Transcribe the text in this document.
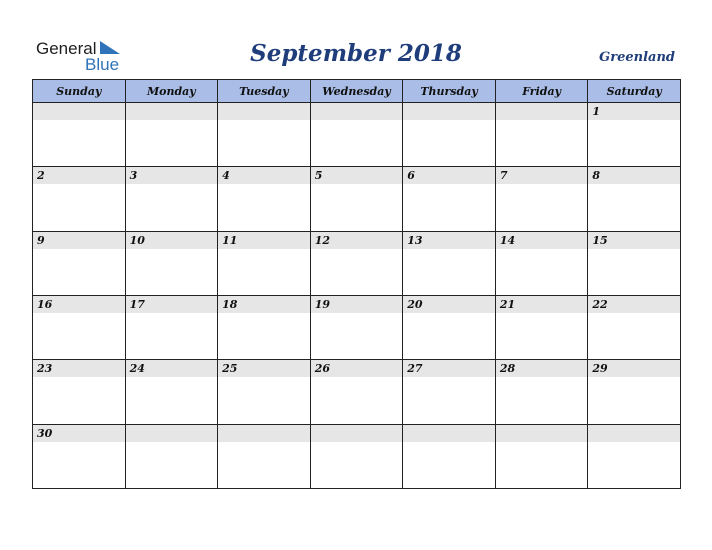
General
Blue	September 2018	Greenland
Sunday	Monday	Tuesday	Wednesday	Thursday	Friday	Saturday

						1

2	3	4	5	6	7	8

9	10	11	12	13	14	15

16	17	18	19	20	21	22

23	24	25	26	27	28	29

30						
